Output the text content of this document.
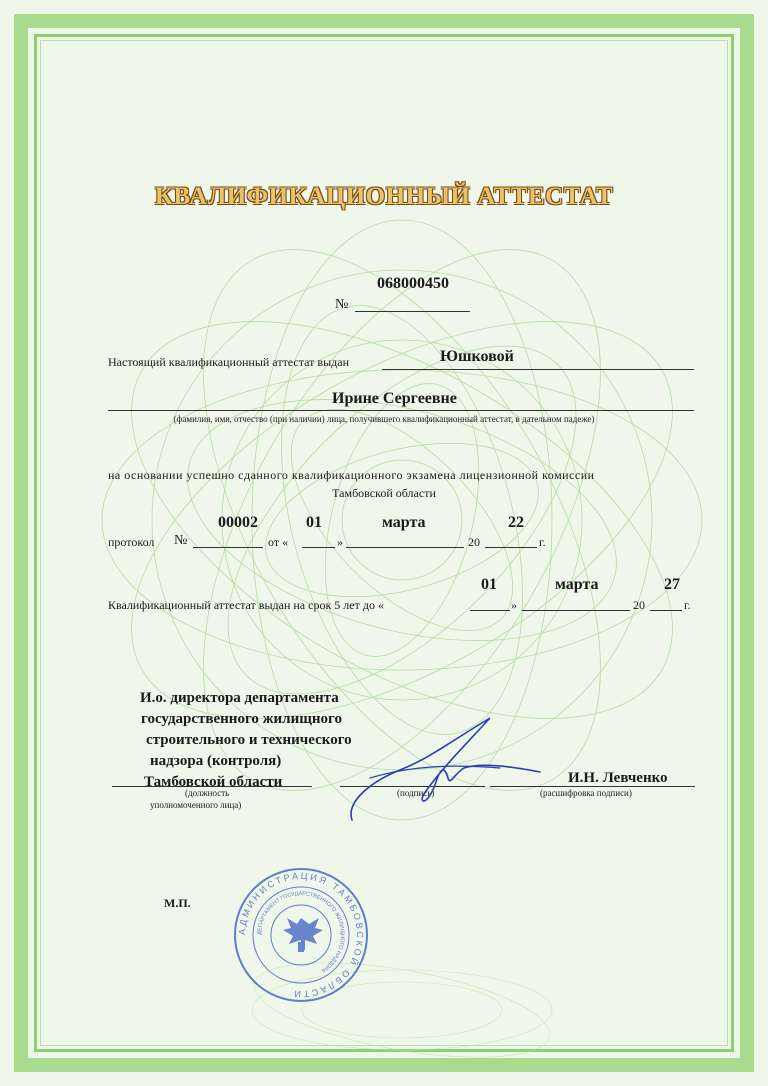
КВАЛИФИКАЦИОННЫЙ АТТЕСТАТ
№
068000450
Настоящий квалификационный аттестат выдан	Юшковой
Ирине Сергеевне
(фамилия, имя, отчество (при наличии) лица, получившего квалификационный аттестат, в дательном падеже)
на основании успешно сданного квалификационного экзамена лицензионной комиссии
Тамбовской области
протокол №
00002
от «
01
»
марта
20
22
г.
Квалификационный аттестат выдан на срок 5 лет до «
01
»
марта
20
27
г.
И.о. директора департамента
государственного жилищного
строительного и технического
надзора (контроля)
Тамбовской области
(должность
уполномоченного лица)
(подпись)
И.Н. Левченко
(расшифровка подписи)
М.П.
АДМИНИСТРАЦИЯ ТАМБОВСКОЙ ОБЛАСТИ
ДЕПАРТАМЕНТ ГОСУДАРСТВЕННОГО ЖИЛИЩНОГО НАДЗОРА
